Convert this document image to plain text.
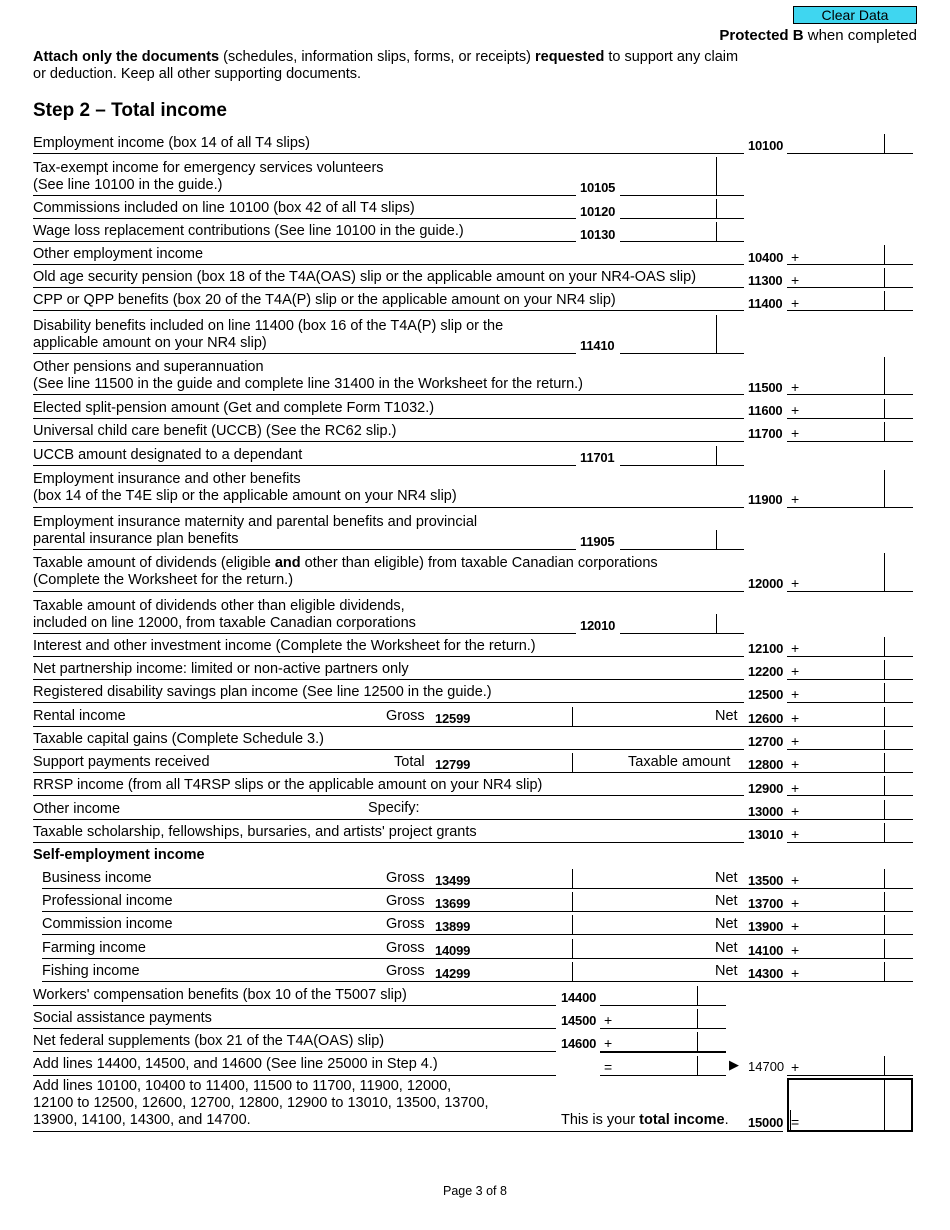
Clear Data
Protected B when completed
Attach only the documents (schedules, information slips, forms, or receipts) requested to support any claim or deduction. Keep all other supporting documents.
Step 2 – Total income
Employment income (box 14 of all T4 slips)	10100
Tax-exempt income for emergency services volunteers
(See line 10100 in the guide.)	10105
Commissions included on line 10100 (box 42 of all T4 slips)	10120
Wage loss replacement contributions (See line 10100 in the guide.)	10130
Other employment income	10400 +
Old age security pension (box 18 of the T4A(OAS) slip or the applicable amount on your NR4-OAS slip)	11300 +
CPP or QPP benefits (box 20 of the T4A(P) slip or the applicable amount on your NR4 slip)	11400 +
Disability benefits included on line 11400 (box 16 of the T4A(P) slip or the
applicable amount on your NR4 slip)	11410
Other pensions and superannuation
(See line 11500 in the guide and complete line 31400 in the Worksheet for the return.)	11500 +
Elected split-pension amount (Get and complete Form T1032.)	11600 +
Universal child care benefit (UCCB) (See the RC62 slip.)	11700 +
UCCB amount designated to a dependant	11701
Employment insurance and other benefits
(box 14 of the T4E slip or the applicable amount on your NR4 slip)	11900 +
Employment insurance maternity and parental benefits and provincial
parental insurance plan benefits	11905
Taxable amount of dividends (eligible and other than eligible) from taxable Canadian corporations
(Complete the Worksheet for the return.)	12000 +
Taxable amount of dividends other than eligible dividends,
included on line 12000, from taxable Canadian corporations	12010
Interest and other investment income (Complete the Worksheet for the return.)	12100 +
Net partnership income: limited or non-active partners only	12200 +
Registered disability savings plan income (See line 12500 in the guide.)	12500 +
Rental income	Gross 12599	Net 12600 +
Taxable capital gains (Complete Schedule 3.)	12700 +
Support payments received	Total 12799	Taxable amount 12800 +
RRSP income (from all T4RSP slips or the applicable amount on your NR4 slip)	12900 +
Other income	Specify:	13000 +
Taxable scholarship, fellowships, bursaries, and artists' project grants	13010 +
Self-employment income
Business income	Gross 13499	Net 13500 +
Professional income	Gross 13699	Net 13700 +
Commission income	Gross 13899	Net 13900 +
Farming income	Gross 14099	Net 14100 +
Fishing income	Gross 14299	Net 14300 +
Workers' compensation benefits (box 10 of the T5007 slip)	14400
Social assistance payments	14500 +
Net federal supplements (box 21 of the T4A(OAS) slip)	14600 +
Add lines 14400, 14500, and 14600 (See line 25000 in Step 4.)	=	▶ 14700 +
Add lines 10100, 10400 to 11400, 11500 to 11700, 11900, 12000,
12100 to 12500, 12600, 12700, 12800, 12900 to 13010, 13500, 13700,
13900, 14100, 14300, and 14700.	This is your total income. 15000 =
Page 3 of 8
